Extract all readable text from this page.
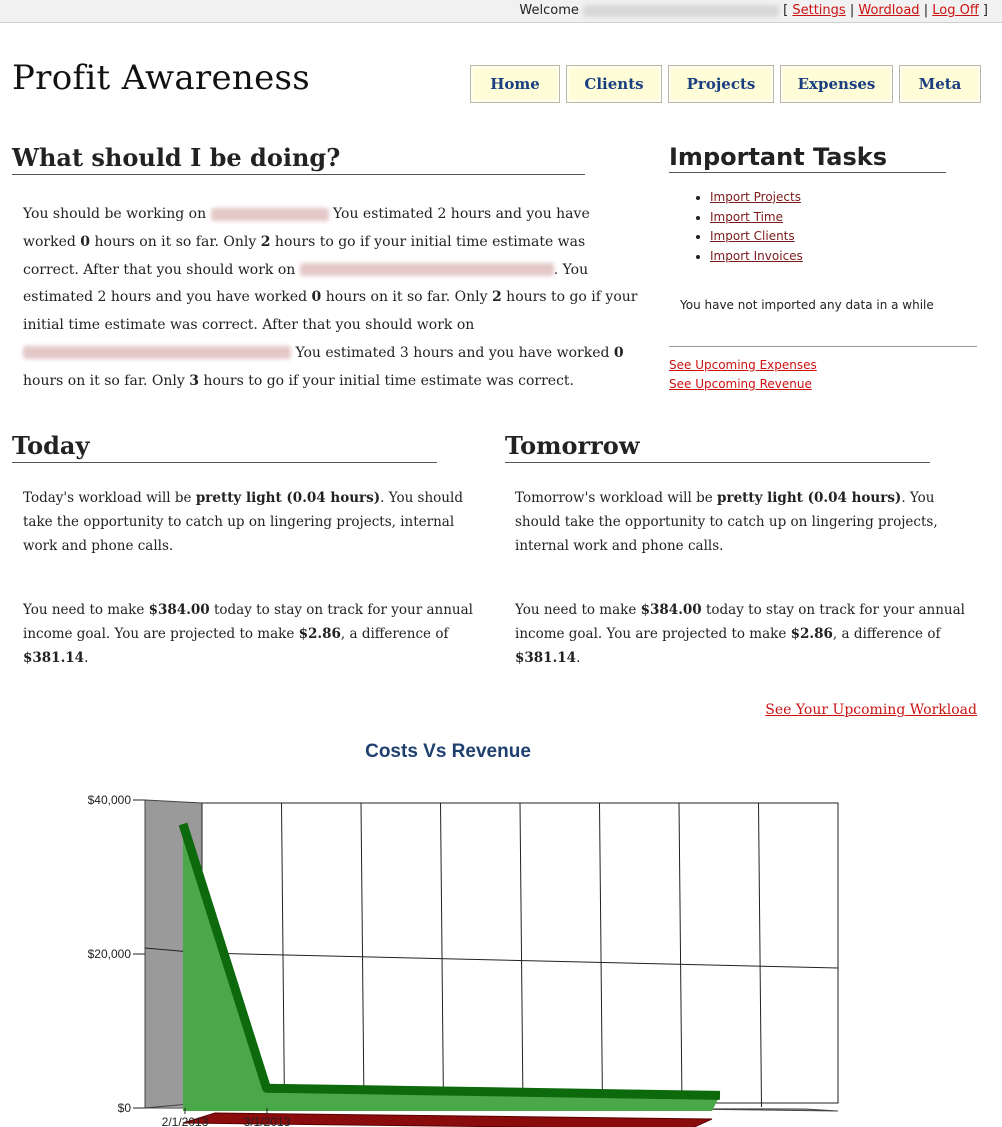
Welcome	[ Settings | Wordload | Log Off ]
Profit Awareness	Home	Clients	Projects	Expenses	Meta
What should I be doing?
You should be working on	You estimated 2 hours and you have worked 0 hours on it so far. Only 2 hours to go if your initial time estimate was correct. After that you should work on	. You estimated 2 hours and you have worked 0 hours on it so far. Only 2 hours to go if your initial time estimate was correct. After that you should work on  You estimated 3 hours and you have worked 0 hours on it so far. Only 3 hours to go if your initial time estimate was correct.
Important Tasks
• Import Projects
• Import Time
• Import Clients
• Import Invoices
You have not imported any data in a while
See Upcoming Expenses
See Upcoming Revenue
Today
Today's workload will be pretty light (0.04 hours). You should take the opportunity to catch up on lingering projects, internal work and phone calls.
You need to make $384.00 today to stay on track for your annual income goal. You are projected to make $2.86, a difference of $381.14.
Tomorrow
Tomorrow's workload will be pretty light (0.04 hours). You should take the opportunity to catch up on lingering projects, internal work and phone calls.
You need to make $384.00 today to stay on track for your annual income goal. You are projected to make $2.86, a difference of $381.14.
See Your Upcoming Workload
Costs Vs Revenue
$40,000
$20,000
$0
2/1/2013	3/1/2013
